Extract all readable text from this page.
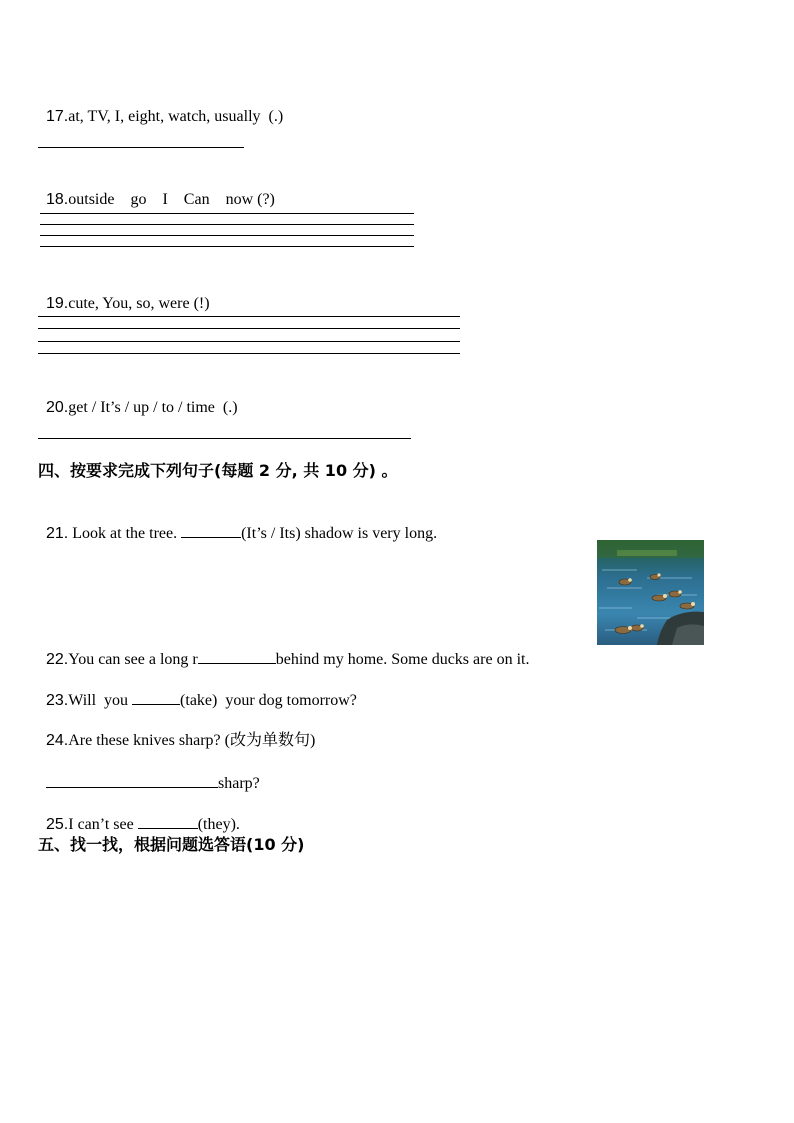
17.at, TV, I, eight, watch, usually  (.)

18.outside    go    I    Can    now (?)

19.cute, You, so, were (!)

20.get / It’s / up / to / time  (.)

四、按要求完成下列句子(每题 2 分, 共 10 分) 。

21. Look at the tree.	(It’s / Its) shadow is very long.

22.You can see a long r	behind my home. Some ducks are on it.

23.Will  you	(take)  your dog tomorrow?

24.Are these knives sharp? (改为单数句)

sharp?

25.I can’t see	(they).

五、找一找，根据问题选答语(10 分)
